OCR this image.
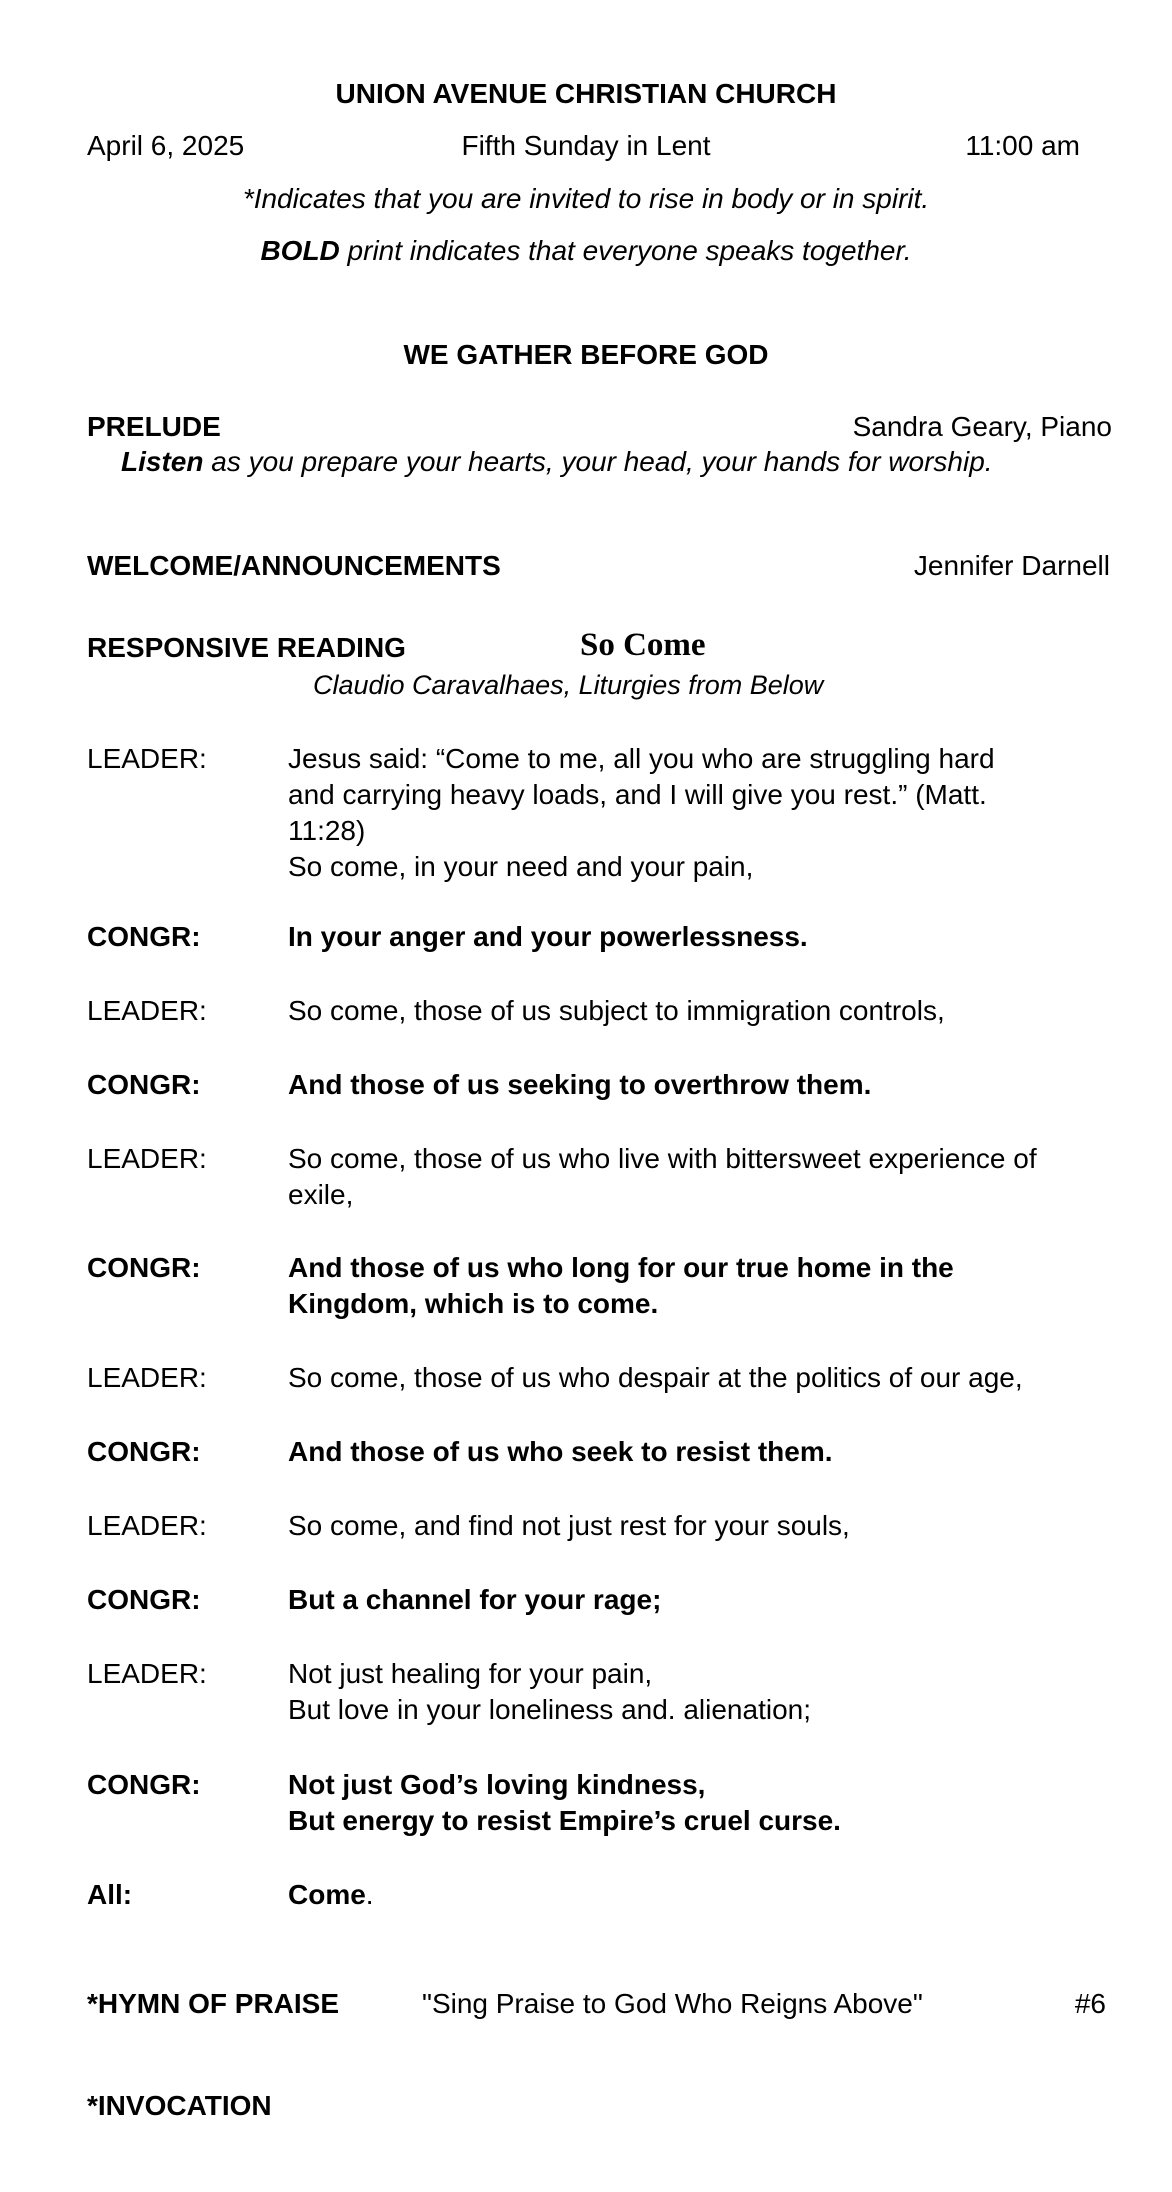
UNION AVENUE CHRISTIAN CHURCH
April 6, 2025	Fifth Sunday in Lent	11:00 am
*Indicates that you are invited to rise in body or in spirit.
BOLD print indicates that everyone speaks together.
WE GATHER BEFORE GOD
PRELUDE	Sandra Geary, Piano
Listen as you prepare your hearts, your head, your hands for worship.
WELCOME/ANNOUNCEMENTS	Jennifer Darnell
RESPONSIVE READING	So Come
Claudio Caravalhaes, Liturgies from Below
LEADER:	Jesus said: “Come to me, all you who are struggling hard
and carrying heavy loads, and I will give you rest.” (Matt.
11:28)
So come, in your need and your pain,
CONGR:	In your anger and your powerlessness.
LEADER:	So come, those of us subject to immigration controls,
CONGR:	And those of us seeking to overthrow them.
LEADER:	So come, those of us who live with bittersweet experience of
exile,
CONGR:	And those of us who long for our true home in the
Kingdom, which is to come.
LEADER:	So come, those of us who despair at the politics of our age,
CONGR:	And those of us who seek to resist them.
LEADER:	So come, and find not just rest for your souls,
CONGR:	But a channel for your rage;
LEADER:	Not just healing for your pain,
But love in your loneliness and. alienation;
CONGR:	Not just God’s loving kindness,
But energy to resist Empire’s cruel curse.
All:	Come.
*HYMN OF PRAISE	"Sing Praise to God Who Reigns Above"	#6
*INVOCATION
